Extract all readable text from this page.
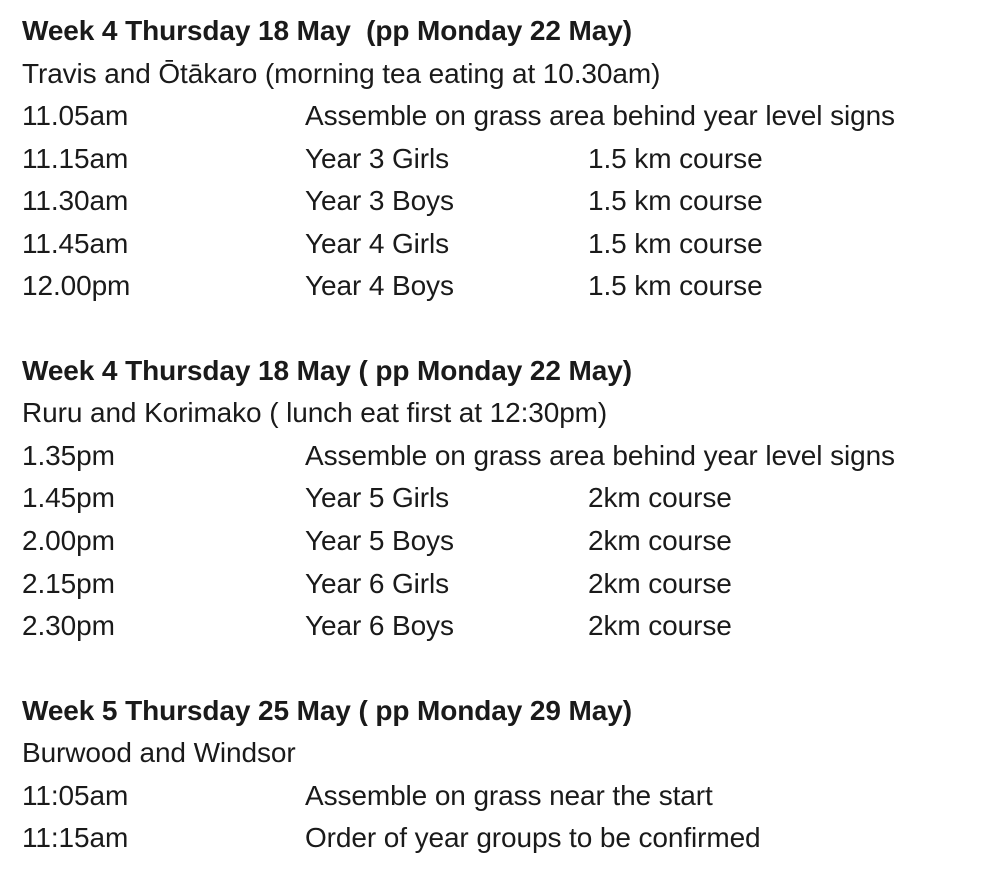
Week 4 Thursday 18 May  (pp Monday 22 May)
Travis and Ōtākaro (morning tea eating at 10.30am)
11.05am	Assemble on grass area behind year level signs
11.15am	Year 3 Girls	1.5 km course
11.30am	Year 3 Boys	1.5 km course
11.45am	Year 4 Girls	1.5 km course
12.00pm	Year 4 Boys	1.5 km course
Week 4 Thursday 18 May ( pp Monday 22 May)
Ruru and Korimako ( lunch eat first at 12:30pm)
1.35pm	Assemble on grass area behind year level signs
1.45pm	Year 5 Girls	2km course
2.00pm	Year 5 Boys	2km course
2.15pm	Year 6 Girls	2km course
2.30pm	Year 6 Boys	2km course
Week 5 Thursday 25 May ( pp Monday 29 May)
Burwood and Windsor
11:05am	Assemble on grass near the start
11:15am	Order of year groups to be confirmed
